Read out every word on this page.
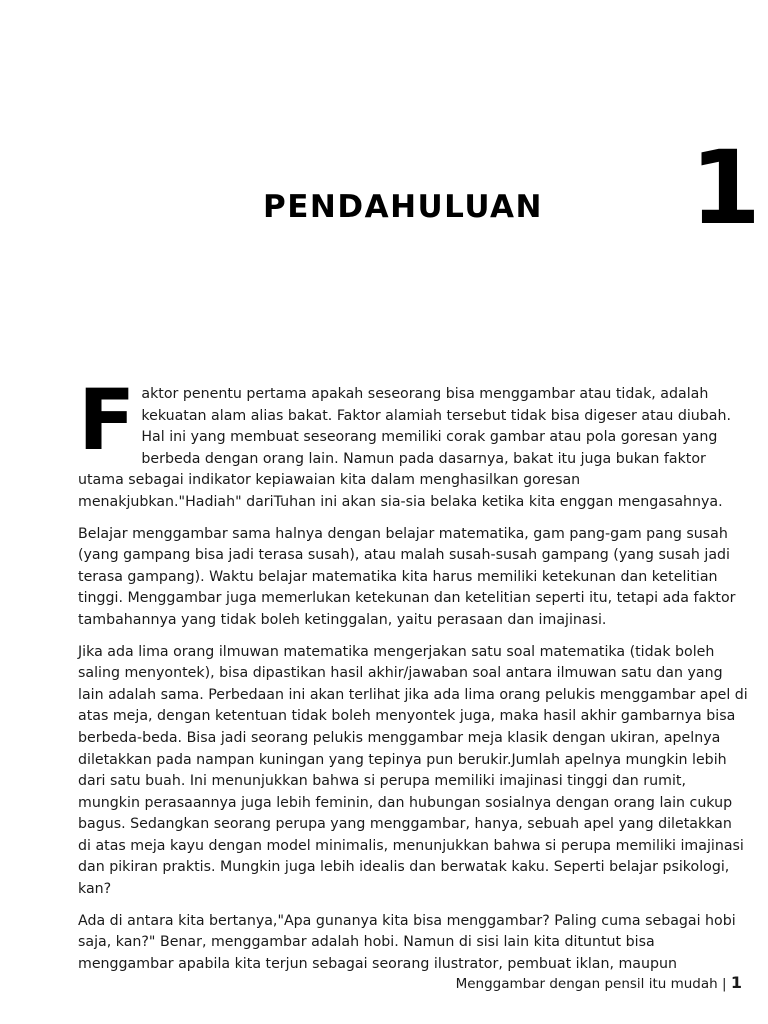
PENDAHULUAN 1

Faktor penentu pertama apakah seseorang bisa menggambar atau tidak, adalah kekuatan alam alias bakat. Faktor alamiah tersebut tidak bisa digeser atau diubah. Hal ini yang membuat seseorang memiliki corak gambar atau pola goresan yang berbeda dengan orang lain. Namun pada dasarnya, bakat itu juga bukan faktor utama sebagai indikator kepiawaian kita dalam menghasilkan goresan menakjubkan."Hadiah" dariTuhan ini akan sia-sia belaka ketika kita enggan mengasahnya.

Belajar menggambar sama halnya dengan belajar matematika, gam pang-gam pang susah (yang gampang bisa jadi terasa susah), atau malah susah-susah gampang (yang susah jadi terasa gampang). Waktu belajar matematika kita harus memiliki ketekunan dan ketelitian tinggi. Menggambar juga memerlukan ketekunan dan ketelitian seperti itu, tetapi ada faktor tambahannya yang tidak boleh ketinggalan, yaitu perasaan dan imajinasi.

Jika ada lima orang ilmuwan matematika mengerjakan satu soal matematika (tidak boleh saling menyontek), bisa dipastikan hasil akhir/jawaban soal antara ilmuwan satu dan yang lain adalah sama. Perbedaan ini akan terlihat jika ada lima orang pelukis menggambar apel di atas meja, dengan ketentuan tidak boleh menyontek juga, maka hasil akhir gambarnya bisa berbeda-beda. Bisa jadi seorang pelukis menggambar meja klasik dengan ukiran, apelnya diletakkan pada nampan kuningan yang tepinya pun berukir.Jumlah apelnya mungkin lebih dari satu buah. Ini menunjukkan bahwa si perupa memiliki imajinasi tinggi dan rumit, mungkin perasaannya juga lebih feminin, dan hubungan sosialnya dengan orang lain cukup bagus. Sedangkan seorang perupa yang menggambar, hanya, sebuah apel yang diletakkan di atas meja kayu dengan model minimalis, menunjukkan bahwa si perupa memiliki imajinasi dan pikiran praktis. Mungkin juga lebih idealis dan berwatak kaku. Seperti belajar psikologi, kan?

Ada di antara kita bertanya,"Apa gunanya kita bisa menggambar? Paling cuma sebagai hobi saja, kan?" Benar, menggambar adalah hobi. Namun di sisi lain kita dituntut bisa menggambar apabila kita terjun sebagai seorang ilustrator, pembuat iklan, maupun

Menggambar dengan pensil itu mudah | 1
